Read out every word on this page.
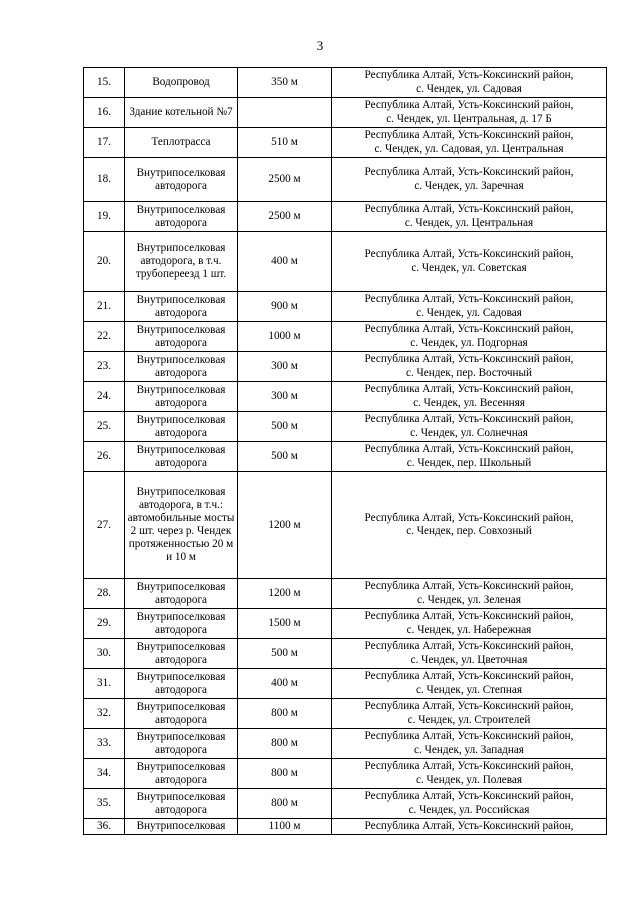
3
15.	Водопровод	350 м	Республика Алтай, Усть-Коксинский район,
с. Чендек, ул. Садовая

16.	Здание котельной №7		Республика Алтай, Усть-Коксинский район,
с. Чендек, ул. Центральная, д. 17 Б

17.	Теплотрасса	510 м	Республика Алтай, Усть-Коксинский район,
с. Чендек, ул. Садовая, ул. Центральная

18.	Внутрипоселковая автодорога	2500 м	Республика Алтай, Усть-Коксинский район,
с. Чендек, ул. Заречная

19.	Внутрипоселковая автодорога	2500 м	Республика Алтай, Усть-Коксинский район,
с. Чендек, ул. Центральная

20.	Внутрипоселковая автодорога, в т.ч. трубопереезд 1 шт.	400 м	Республика Алтай, Усть-Коксинский район,
с. Чендек, ул. Советская

21.	Внутрипоселковая автодорога	900 м	Республика Алтай, Усть-Коксинский район,
с. Чендек, ул. Садовая

22.	Внутрипоселковая автодорога	1000 м	Республика Алтай, Усть-Коксинский район,
с. Чендек, ул. Подгорная

23.	Внутрипоселковая автодорога	300 м	Республика Алтай, Усть-Коксинский район,
с. Чендек, пер. Восточный

24.	Внутрипоселковая автодорога	300 м	Республика Алтай, Усть-Коксинский район,
с. Чендек, ул. Весенняя

25.	Внутрипоселковая автодорога	500 м	Республика Алтай, Усть-Коксинский район,
с. Чендек, ул. Солнечная

26.	Внутрипоселковая автодорога	500 м	Республика Алтай, Усть-Коксинский район,
с. Чендек, пер. Школьный

27.	Внутрипоселковая автодорога, в т.ч.: автомобильные мосты 2 шт. через р. Чендек протяженностью 20 м и 10 м	1200 м	Республика Алтай, Усть-Коксинский район,
с. Чендек, пер. Совхозный

28.	Внутрипоселковая автодорога	1200 м	Республика Алтай, Усть-Коксинский район,
с. Чендек, ул. Зеленая

29.	Внутрипоселковая автодорога	1500 м	Республика Алтай, Усть-Коксинский район,
с. Чендек, ул. Набережная

30.	Внутрипоселковая автодорога	500 м	Республика Алтай, Усть-Коксинский район,
с. Чендек, ул. Цветочная

31.	Внутрипоселковая автодорога	400 м	Республика Алтай, Усть-Коксинский район,
с. Чендек, ул. Степная

32.	Внутрипоселковая автодорога	800 м	Республика Алтай, Усть-Коксинский район,
с. Чендек, ул. Строителей

33.	Внутрипоселковая автодорога	800 м	Республика Алтай, Усть-Коксинский район,
с. Чендек, ул. Западная

34.	Внутрипоселковая автодорога	800 м	Республика Алтай, Усть-Коксинский район,
с. Чендек, ул. Полевая

35.	Внутрипоселковая автодорога	800 м	Республика Алтай, Усть-Коксинский район,
с. Чендек, ул. Российская

36.	Внутрипоселковая	1100 м	Республика Алтай, Усть-Коксинский район,
